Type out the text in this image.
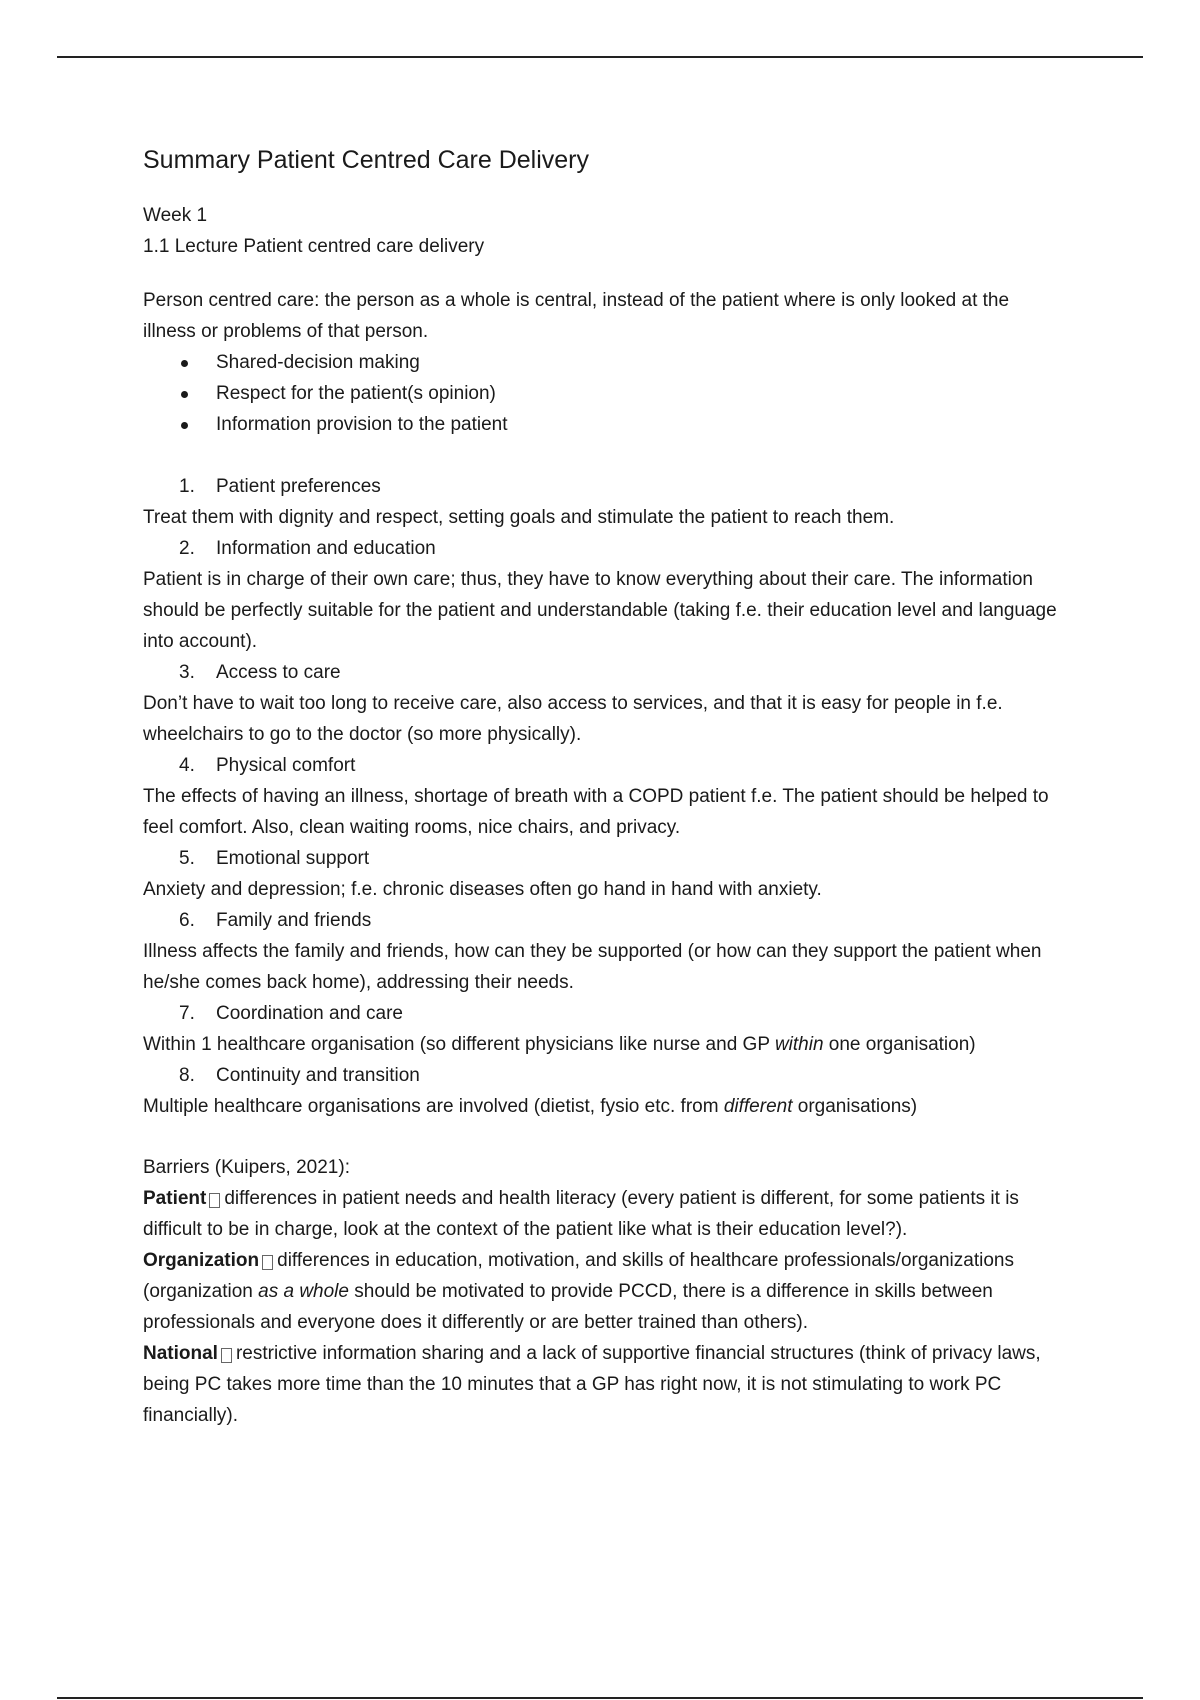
Summary Patient Centred Care Delivery

Week 1

1.1 Lecture Patient centred care delivery

Person centred care: the person as a whole is central, instead of the patient where is only looked at the illness or problems of that person.

Shared-decision making
Respect for the patient(s opinion)
Information provision to the patient
1. Patient preferences

Treat them with dignity and respect, setting goals and stimulate the patient to reach them.

2. Information and education

Patient is in charge of their own care; thus, they have to know everything about their care. The information should be perfectly suitable for the patient and understandable (taking f.e. their education level and language into account).

3. Access to care

Don’t have to wait too long to receive care, also access to services, and that it is easy for people in f.e. wheelchairs to go to the doctor (so more physically).

4. Physical comfort

The effects of having an illness, shortage of breath with a COPD patient f.e. The patient should be helped to feel comfort. Also, clean waiting rooms, nice chairs, and privacy.

5. Emotional support

Anxiety and depression; f.e. chronic diseases often go hand in hand with anxiety.

6. Family and friends

Illness affects the family and friends, how can they be supported (or how can they support the patient when he/she comes back home), addressing their needs.

7. Coordination and care

Within 1 healthcare organisation (so different physicians like nurse and GP within one organisation)

8. Continuity and transition

Multiple healthcare organisations are involved (dietist, fysio etc. from different organisations)

Barriers (Kuipers, 2021):

Patient differences in patient needs and health literacy (every patient is different, for some patients it is difficult to be in charge, look at the context of the patient like what is their education level?).

Organization differences in education, motivation, and skills of healthcare professionals/organizations (organization as a whole should be motivated to provide PCCD, there is a difference in skills between professionals and everyone does it differently or are better trained than others).

National restrictive information sharing and a lack of supportive financial structures (think of privacy laws, being PC takes more time than the 10 minutes that a GP has right now, it is not stimulating to work PC financially).
